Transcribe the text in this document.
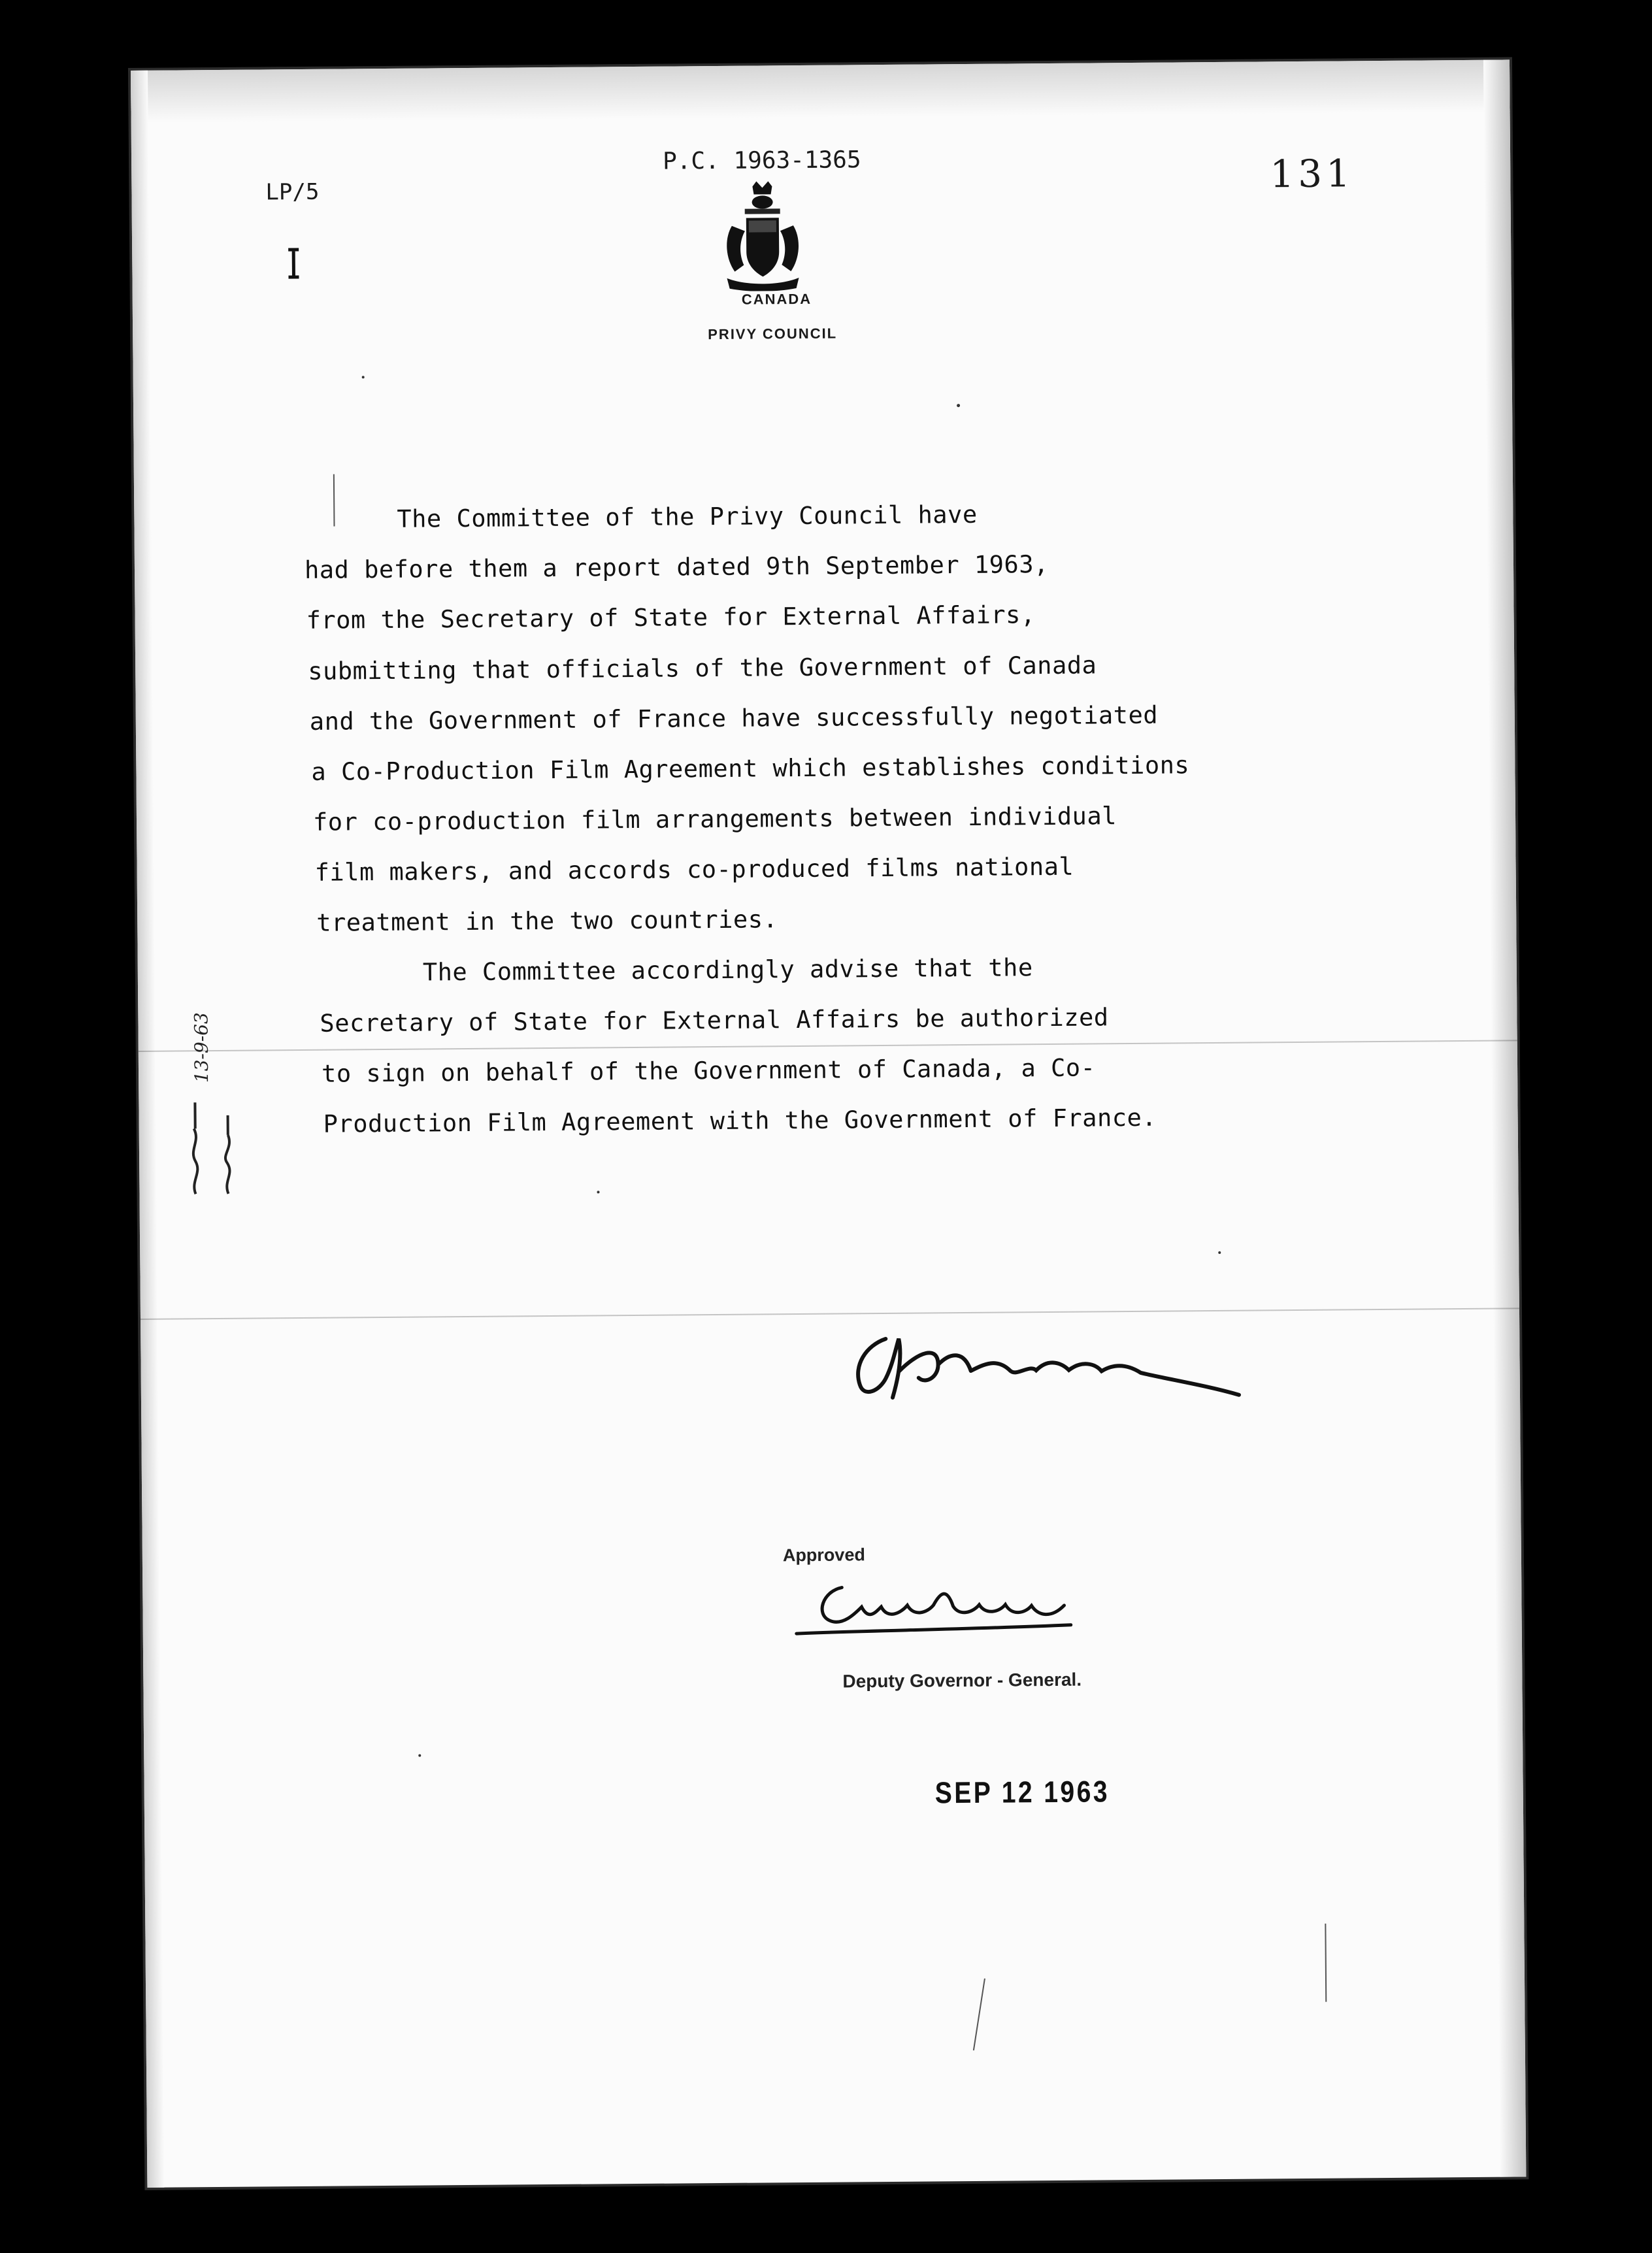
LP/5
P.C. 1963-1365	131
CANADA
PRIVY COUNCIL
The Committee of the Privy Council have
had before them a report dated 9th September 1963,
from the Secretary of State for External Affairs,
submitting that officials of the Government of Canada
and the Government of France have successfully negotiated
a Co-Production Film Agreement which establishes conditions
for co-production film arrangements between individual
film makers, and accords co-produced films national
treatment in the two countries.
The Committee accordingly advise that the
Secretary of State for External Affairs be authorized
to sign on behalf of the Government of Canada, a Co-
Production Film Agreement with the Government of France.
13-9-63
Approved
Deputy Governor - General.
SEP 12 1963
